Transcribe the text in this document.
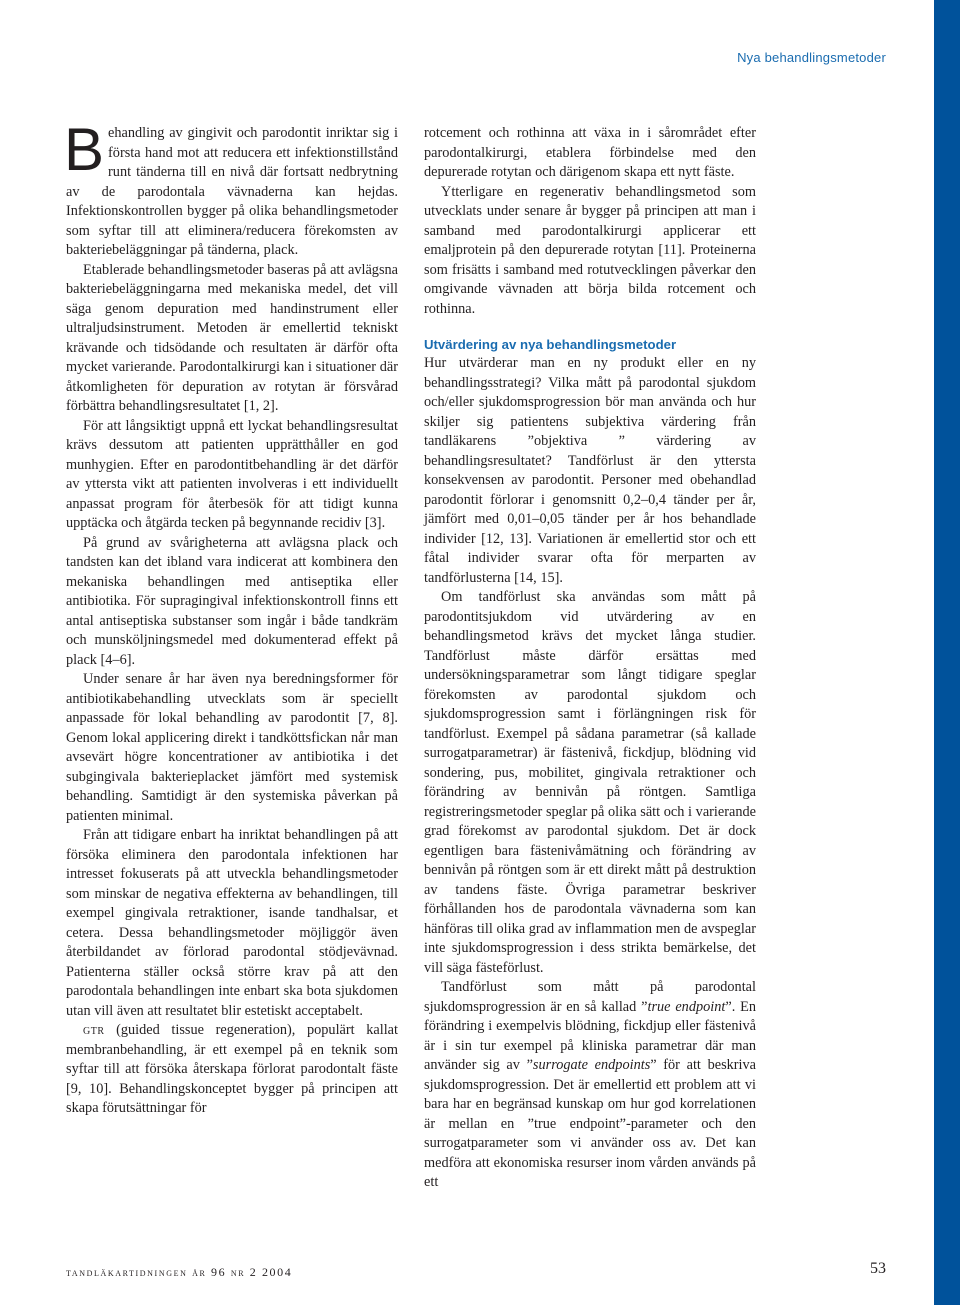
Nya behandlingsmetoder

Behandling av gingivit och parodontit inriktar sig i första hand mot att reducera ett infektionstillstånd runt tänderna till en nivå där fortsatt nedbrytning av de parodontala vävnaderna kan hejdas. Infektionskontrollen bygger på olika behandlingsmetoder som syftar till att eliminera/reducera förekomsten av bakteriebeläggningar på tänderna, plack.

Etablerade behandlingsmetoder baseras på att avlägsna bakteriebeläggningarna med mekaniska medel, det vill säga genom depuration med handinstrument eller ultraljudsinstrument. Metoden är emellertid tekniskt krävande och tidsödande och resultaten är därför ofta mycket varierande. Parodontalkirurgi kan i situationer där åtkomligheten för depuration av rotytan är försvårad förbättra behandlingsresultatet [1, 2].

För att långsiktigt uppnå ett lyckat behandlingsresultat krävs dessutom att patienten upprätthåller en god munhygien. Efter en parodontitbehandling är det därför av yttersta vikt att patienten involveras i ett individuellt anpassat program för återbesök för att tidigt kunna upptäcka och åtgärda tecken på begynnande recidiv [3].

På grund av svårigheterna att avlägsna plack och tandsten kan det ibland vara indicerat att kombinera den mekaniska behandlingen med antiseptika eller antibiotika. För supragingival infektionskontroll finns ett antal antiseptiska substanser som ingår i både tandkräm och munsköljningsmedel med dokumenterad effekt på plack [4–6].

Under senare år har även nya beredningsformer för antibiotikabehandling utvecklats som är speciellt anpassade för lokal behandling av parodontit [7, 8]. Genom lokal applicering direkt i tandköttsfickan når man avsevärt högre koncentrationer av antibiotika i det subgingivala bakterieplacket jämfört med systemisk behandling. Samtidigt är den systemiska påverkan på patienten minimal.

Från att tidigare enbart ha inriktat behandlingen på att försöka eliminera den parodontala infektionen har intresset fokuserats på att utveckla behandlingsmetoder som minskar de negativa effekterna av behandlingen, till exempel gingivala retraktioner, isande tandhalsar, et cetera. Dessa behandlingsmetoder möjliggör även återbildandet av förlorad parodontal stödjevävnad. Patienterna ställer också större krav på att den parodontala behandlingen inte enbart ska bota sjukdomen utan vill även att resultatet blir estetiskt acceptabelt.

gtr (guided tissue regeneration), populärt kallat membranbehandling, är ett exempel på en teknik som syftar till att försöka återskapa förlorat parodontalt fäste [9, 10]. Behandlingskonceptet bygger på principen att skapa förutsättningar för

rotcement och rothinna att växa in i sårområdet efter parodontalkirurgi, etablera förbindelse med den depurerade rotytan och därigenom skapa ett nytt fäste.

Ytterligare en regenerativ behandlingsmetod som utvecklats under senare år bygger på principen att man i samband med parodontalkirurgi applicerar ett emaljprotein på den depurerade rotytan [11]. Proteinerna som frisätts i samband med rotutvecklingen påverkar den omgivande vävnaden att börja bilda rotcement och rothinna.

Utvärdering av nya behandlingsmetoder

Hur utvärderar man en ny produkt eller en ny behandlingsstrategi? Vilka mått på parodontal sjukdom och/eller sjukdomsprogression bör man använda och hur skiljer sig patientens subjektiva värdering från tandläkarens ”objektiva ” värdering av behandlingsresultatet? Tandförlust är den yttersta konsekvensen av parodontit. Personer med obehandlad parodontit förlorar i genomsnitt 0,2–0,4 tänder per år, jämfört med 0,01–0,05 tänder per år hos behandlade individer [12, 13]. Variationen är emellertid stor och ett fåtal individer svarar ofta för merparten av tandförlusterna [14, 15].

Om tandförlust ska användas som mått på parodontitsjukdom vid utvärdering av en behandlingsmetod krävs det mycket långa studier. Tandförlust måste därför ersättas med undersökningsparametrar som långt tidigare speglar förekomsten av parodontal sjukdom och sjukdomsprogression samt i förlängningen risk för tandförlust. Exempel på sådana parametrar (så kallade surrogatparametrar) är fästenivå, fickdjup, blödning vid sondering, pus, mobilitet, gingivala retraktioner och förändring av bennivån på röntgen. Samtliga registreringsmetoder speglar på olika sätt och i varierande grad förekomst av parodontal sjukdom. Det är dock egentligen bara fästenivåmätning och förändring av bennivån på röntgen som är ett direkt mått på destruktion av tandens fäste. Övriga parametrar beskriver förhållanden hos de parodontala vävnaderna som kan hänföras till olika grad av inflammation men de avspeglar inte sjukdomsprogression i dess strikta bemärkelse, det vill säga fästeförlust.

Tandförlust som mått på parodontal sjukdomsprogression är en så kallad ”true endpoint”. En förändring i exempelvis blödning, fickdjup eller fästenivå är i sin tur exempel på kliniska parametrar där man använder sig av ”surrogate endpoints” för att beskriva sjukdomsprogression. Det är emellertid ett problem att vi bara har en begränsad kunskap om hur god korrelationen är mellan en ”true endpoint”-parameter och den surrogatparameter som vi använder oss av. Det kan medföra att ekonomiska resurser inom vården används på ett

tandläkartidningen år 96 nr 2 2004	53
